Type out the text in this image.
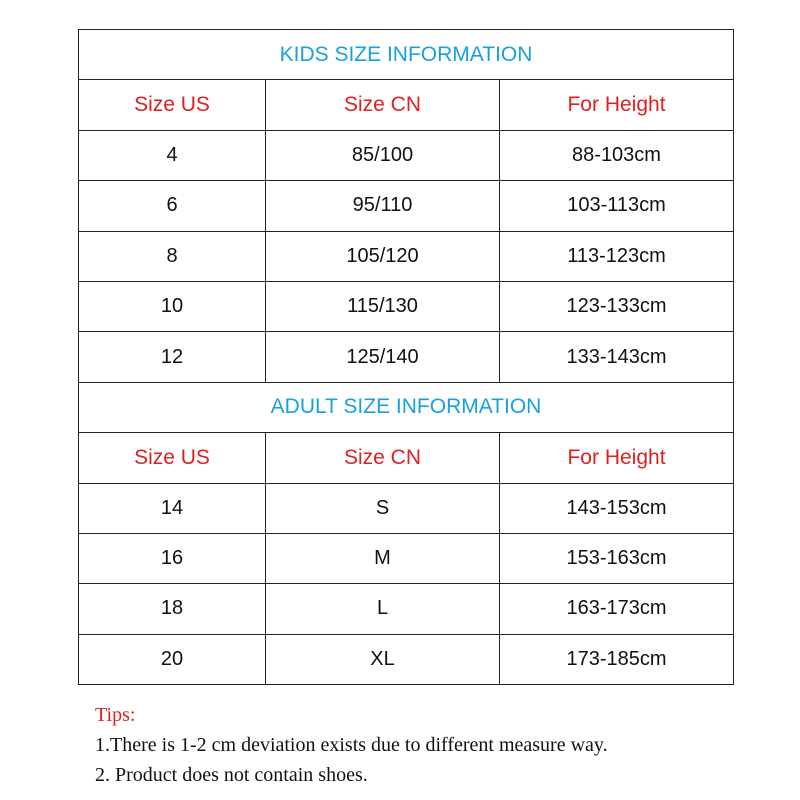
KIDS SIZE INFORMATION		
Size US	Size CN	For Height
4	85/100	88-103cm
6	95/110	103-113cm
8	105/120	113-123cm
10	115/130	123-133cm
12	125/140	133-143cm
ADULT SIZE INFORMATION		
Size US	Size CN	For Height
14	S	143-153cm
16	M	153-163cm
18	L	163-173cm
20	XL	173-185cm
Tips:
1.There is 1-2 cm deviation exists due to different measure way.
2. Product does not contain shoes.
